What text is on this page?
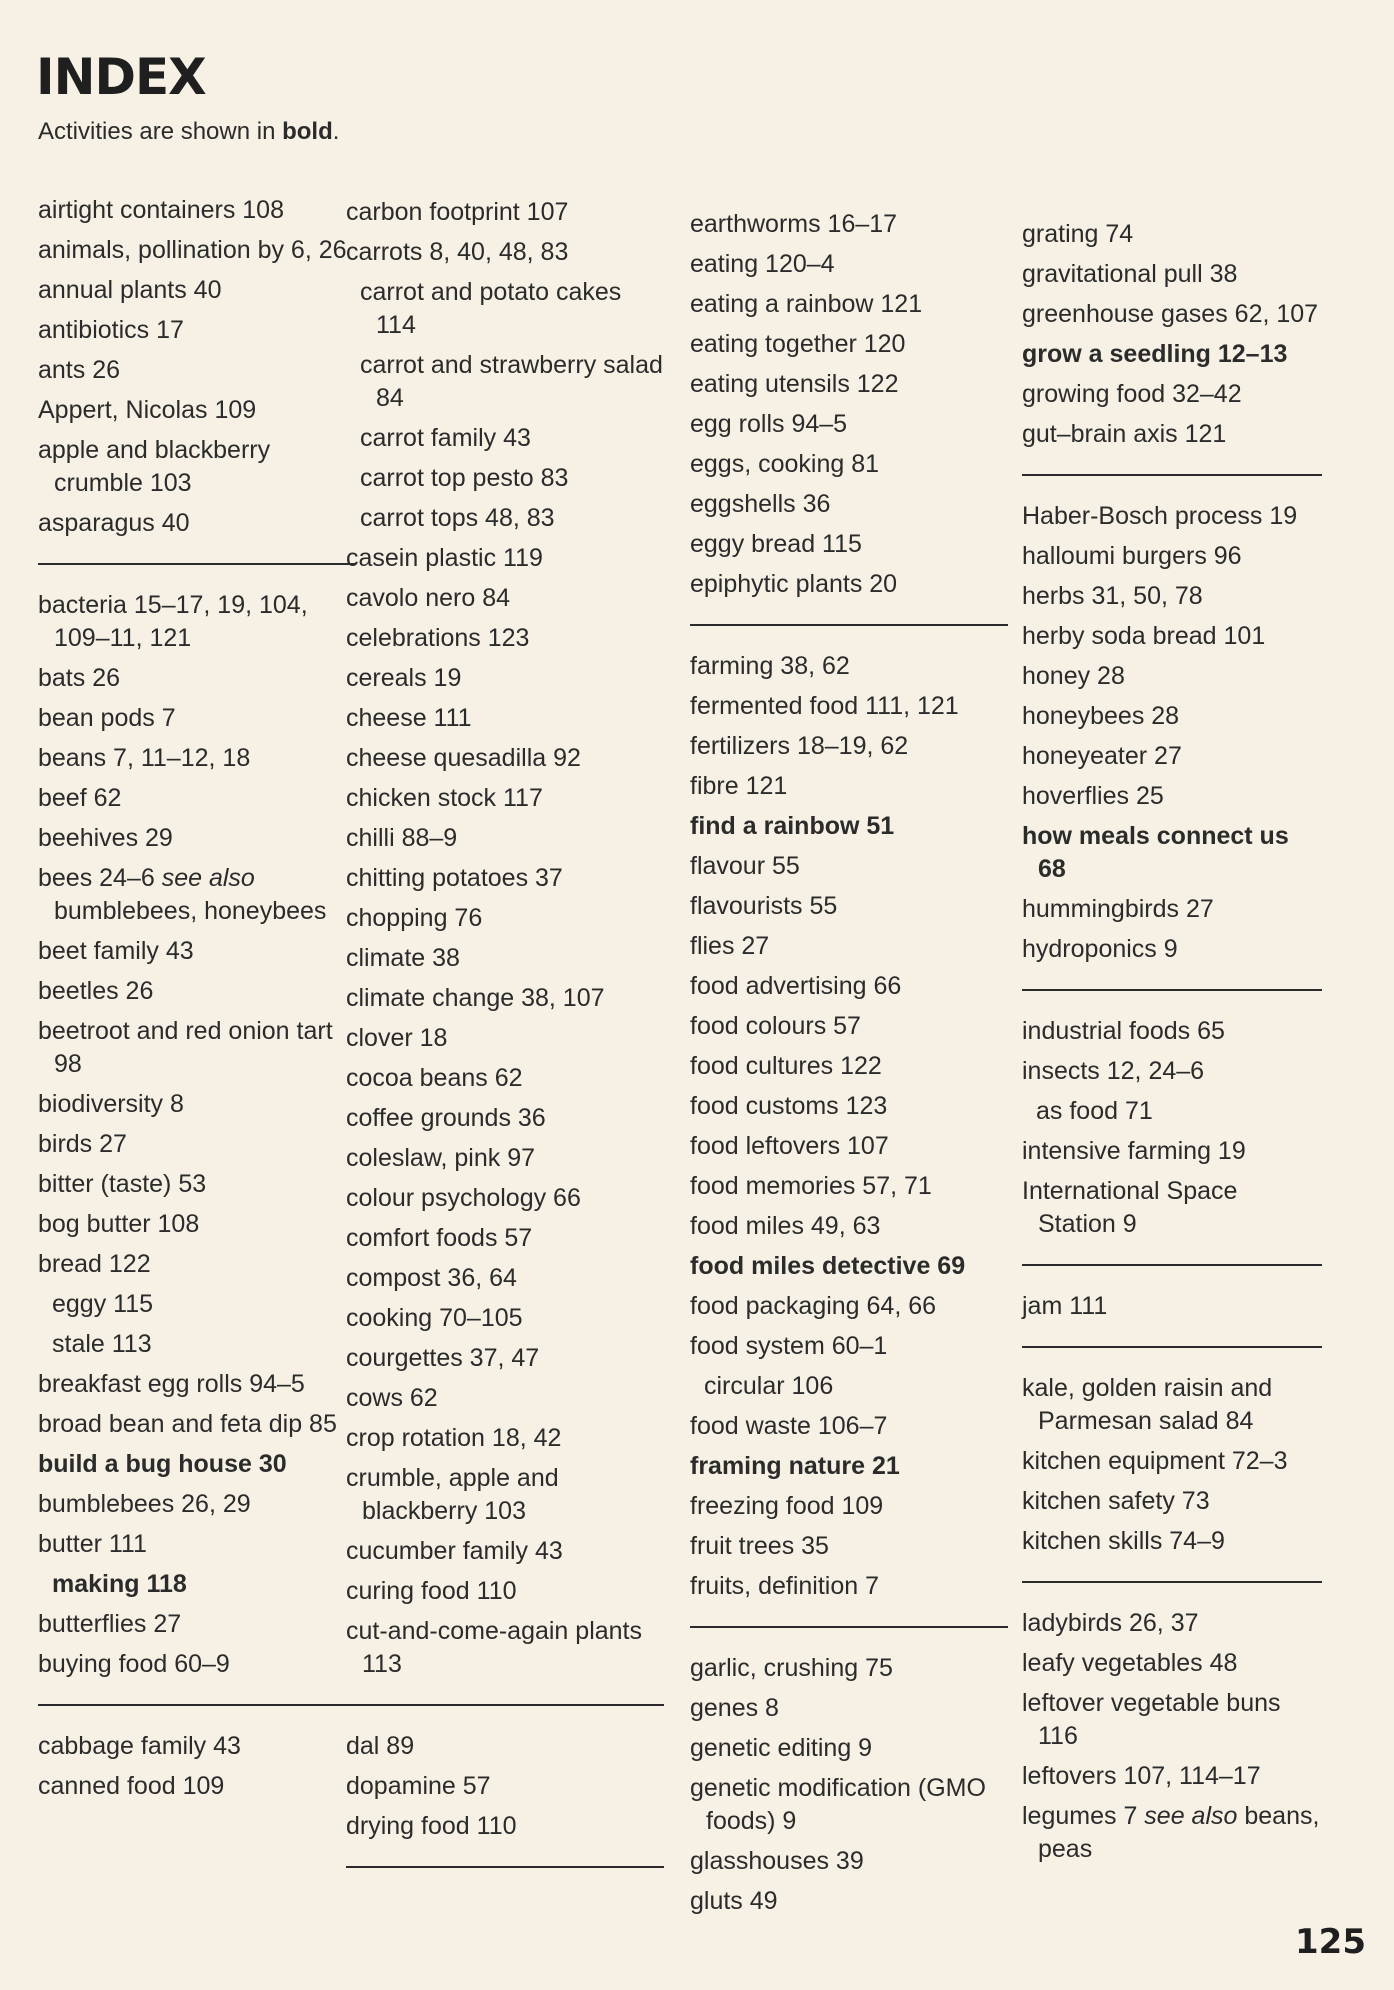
INDEX

Activities are shown in bold.

airtight containers 108
animals, pollination by 6, 26
annual plants 40
antibiotics 17
ants 26
Appert, Nicolas 109
apple and blackberry crumble 103
asparagus 40
bacteria 15–17, 19, 104, 109–11, 121
bats 26
bean pods 7
beans 7, 11–12, 18
beef 62
beehives 29
bees 24–6 see also bumblebees, honeybees
beet family 43
beetles 26
beetroot and red onion tart 98
biodiversity 8
birds 27
bitter (taste) 53
bog butter 108
bread 122
eggy 115
stale 113
breakfast egg rolls 94–5
broad bean and feta dip 85
build a bug house 30
bumblebees 26, 29
butter 111
making 118
butterflies 27
buying food 60–9
cabbage family 43
canned food 109
carbon footprint 107
carrots 8, 40, 48, 83
carrot and potato cakes 114
carrot and strawberry salad 84
carrot family 43
carrot top pesto 83
carrot tops 48, 83
casein plastic 119
cavolo nero 84
celebrations 123
cereals 19
cheese 111
cheese quesadilla 92
chicken stock 117
chilli 88–9
chitting potatoes 37
chopping 76
climate 38
climate change 38, 107
clover 18
cocoa beans 62
coffee grounds 36
coleslaw, pink 97
colour psychology 66
comfort foods 57
compost 36, 64
cooking 70–105
courgettes 37, 47
cows 62
crop rotation 18, 42
crumble, apple and blackberry 103
cucumber family 43
curing food 110
cut-and-come-again plants 113
dal 89
dopamine 57
drying food 110
earthworms 16–17
eating 120–4
eating a rainbow 121
eating together 120
eating utensils 122
egg rolls 94–5
eggs, cooking 81
eggshells 36
eggy bread 115
epiphytic plants 20
farming 38, 62
fermented food 111, 121
fertilizers 18–19, 62
fibre 121
find a rainbow 51
flavour 55
flavourists 55
flies 27
food advertising 66
food colours 57
food cultures 122
food customs 123
food leftovers 107
food memories 57, 71
food miles 49, 63
food miles detective 69
food packaging 64, 66
food system 60–1
circular 106
food waste 106–7
framing nature 21
freezing food 109
fruit trees 35
fruits, definition 7
garlic, crushing 75
genes 8
genetic editing 9
genetic modification (GMO foods) 9
glasshouses 39
gluts 49
grating 74
gravitational pull 38
greenhouse gases 62, 107
grow a seedling 12–13
growing food 32–42
gut–brain axis 121
Haber-Bosch process 19
halloumi burgers 96
herbs 31, 50, 78
herby soda bread 101
honey 28
honeybees 28
honeyeater 27
hoverflies 25
how meals connect us 68
hummingbirds 27
hydroponics 9
industrial foods 65
insects 12, 24–6
as food 71
intensive farming 19
International Space Station 9
jam 111
kale, golden raisin and Parmesan salad 84
kitchen equipment 72–3
kitchen safety 73
kitchen skills 74–9
ladybirds 26, 37
leafy vegetables 48
leftover vegetable buns 116
leftovers 107, 114–17
legumes 7 see also beans, peas
125
